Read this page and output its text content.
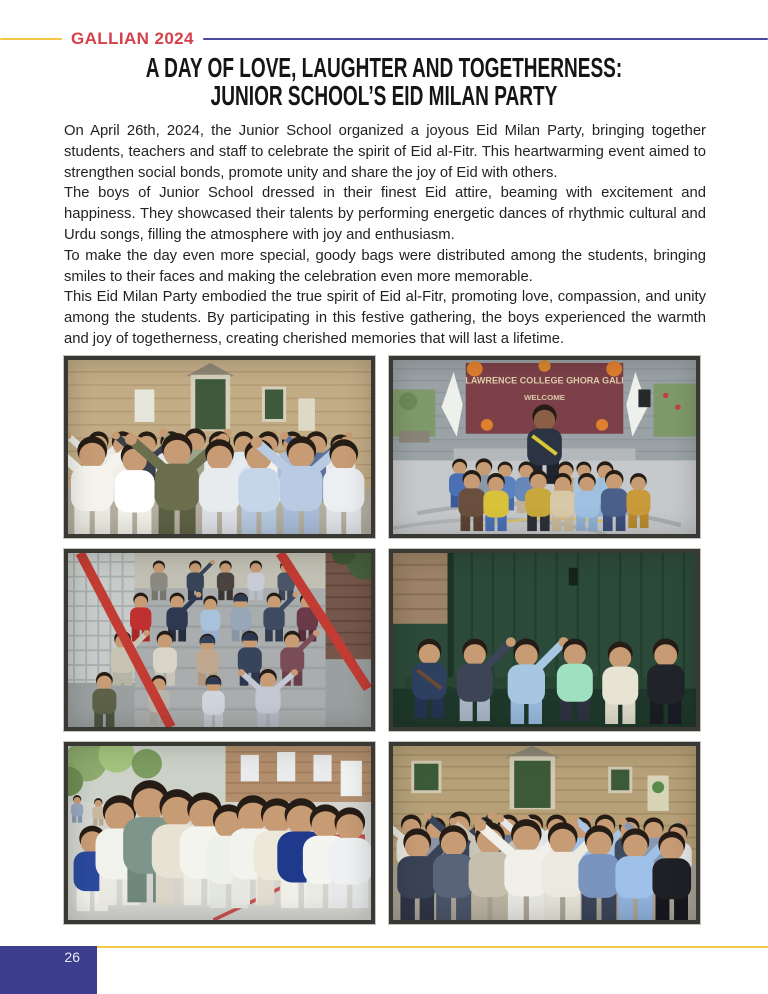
GALLIAN 2024
A DAY OF LOVE, LAUGHTER AND TOGETHERNESS:
JUNIOR SCHOOL’S EID MILAN PARTY

On April 26th, 2024, the Junior School organized a joyous Eid Milan Party, bringing together students, teachers and staff to celebrate the spirit of Eid al-Fitr. This heartwarming event aimed to strengthen social bonds, promote unity and share the joy of Eid with others.

The boys of Junior School dressed in their finest Eid attire, beaming with excitement and happiness. They showcased their talents by performing energetic dances of rhythmic cultural and Urdu songs, filling the atmosphere with joy and enthusiasm.

To make the day even more special, goody bags were distributed among the students, bringing smiles to their faces and making the celebration even more memorable.

This Eid Milan Party embodied the true spirit of Eid al-Fitr, promoting love, compassion, and unity among the students. By participating in this festive gathering, the boys experienced the warmth and joy of togetherness, creating cherished memories that will last a lifetime.

LAWRENCE COLLEGE GHORA GALI
WELCOME
26
